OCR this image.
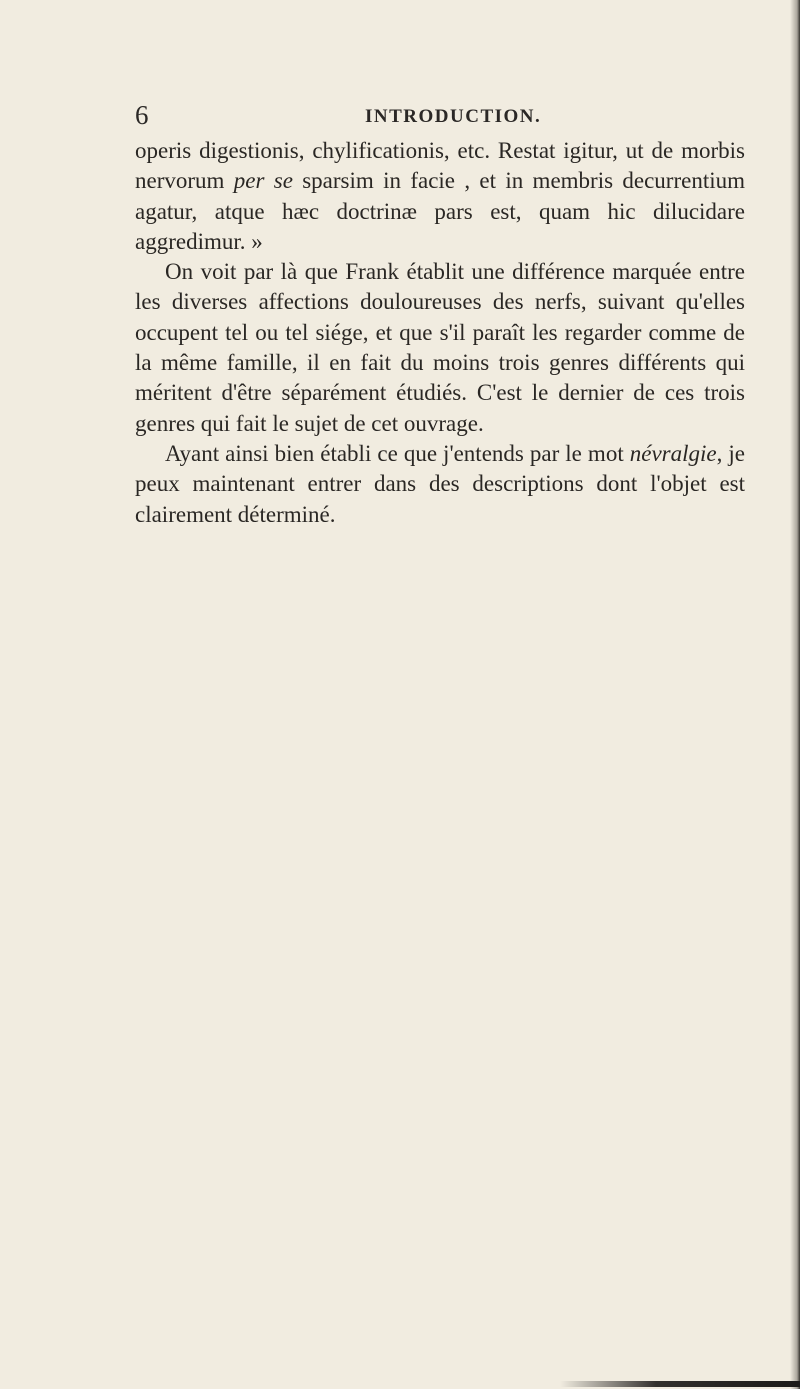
6	INTRODUCTION.

operis digestionis, chylificationis, etc. Restat igitur, ut de morbis nervorum per se sparsim in facie , et in membris decurrentium agatur, atque hæc doctrinæ pars est, quam hic dilucidare aggredimur. »

On voit par là que Frank établit une différence marquée entre les diverses affections douloureuses des nerfs, suivant qu'elles occupent tel ou tel siége, et que s'il paraît les regarder comme de la même famille, il en fait du moins trois genres différents qui méritent d'être séparément étudiés. C'est le dernier de ces trois genres qui fait le sujet de cet ouvrage.

Ayant ainsi bien établi ce que j'entends par le mot névralgie, je peux maintenant entrer dans des descriptions dont l'objet est clairement déterminé.
